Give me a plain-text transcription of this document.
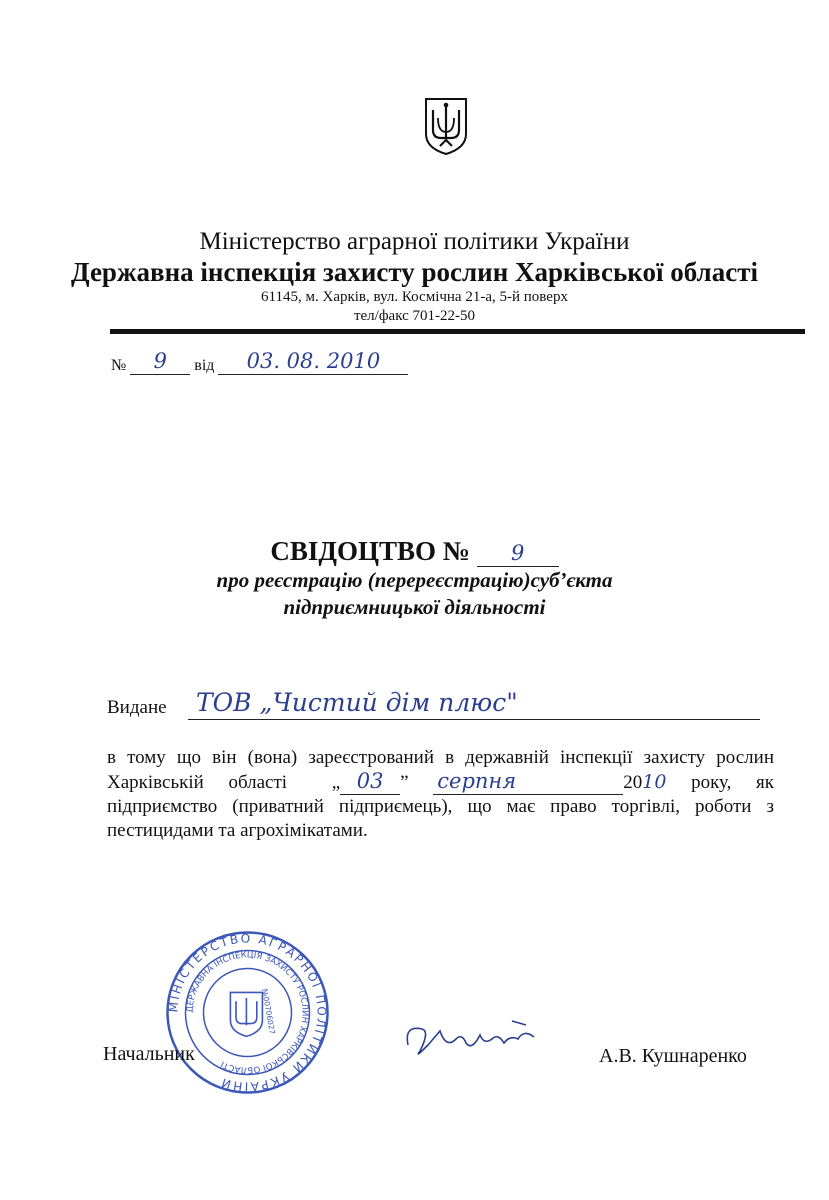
Міністерство аграрної політики України
Державна інспекція захисту рослин Харківської області
61145, м. Харків, вул. Космічна 21-а, 5-й поверх
тел/факс 701-22-50
№	9	від	03. 08. 2010
СВІДОЦТВО №	9
про реєстрацію (перереєстрацію)суб’єкта
підприємницької діяльності
Видане ТОВ „Чистий дім плюс"
в тому що він (вона) зареєстрований в державній інспекції захисту рослин Харківській області „ 03 ” серпня	2010 року, як підприємство (приватний підприємець), що має право торгівлі, роботи з пестицидами та агрохімікатами.
МІНІСТЕРСТВО АГРАРНОЇ ПОЛІТИКИ УКРАЇНИ
ДЕРЖАВНА ІНСПЕКЦІЯ ЗАХИСТУ РОСЛИН ХАРКІВСЬКОЇ ОБЛАСТІ
№00706027
Начальник	А.В. Кушнаренко
